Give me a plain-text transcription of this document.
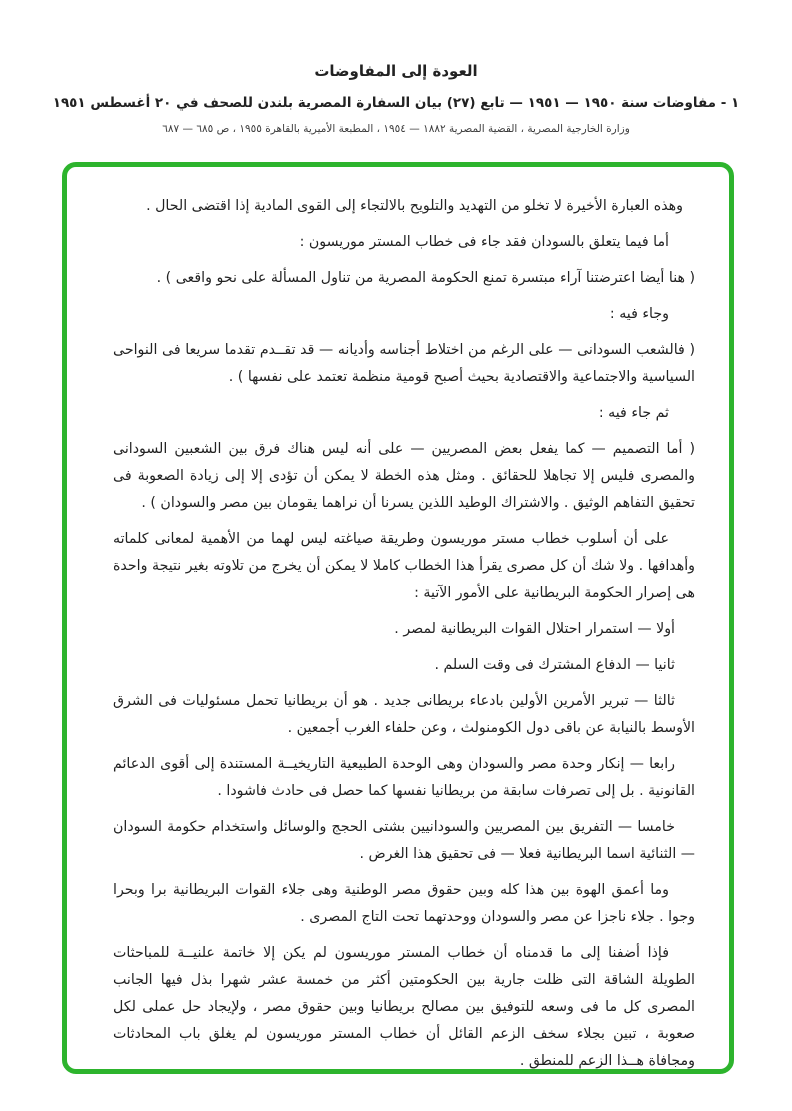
العودة إلى المفاوضات
١ - مفاوضات سنة ١٩٥٠ — ١٩٥١ — تابع (٢٧) بيان السفارة المصرية بلندن للصحف في ٢٠ أغسطس ١٩٥١
وزارة الخارجية المصرية ، القضية المصرية ١٨٨٢ — ١٩٥٤ ، المطبعة الأميرية بالقاهرة ١٩٥٥ ، ص ٦٨٥ — ٦٨٧

وهذه العبارة الأخيرة لا تخلو من التهديد والتلويح بالالتجاء إلى القوى المادية إذا اقتضى الحال .

أما فيما يتعلق بالسودان فقد جاء فى خطاب المستر موريسون :

( هنا أيضا اعترضتنا آراء مبتسرة تمنع الحكومة المصرية من تناول المسألة على نحو واقعى ) .

وجاء فيه :

( فالشعب السودانى — على الرغم من اختلاط أجناسه وأديانه — قد تقــدم تقدما سريعا فى النواحى السياسية والاجتماعية والاقتصادية بحيث أصبح قومية منظمة تعتمد على نفسها ) .

ثم جاء فيه :

( أما التصميم — كما يفعل بعض المصريين — على أنه ليس هناك فرق بين الشعبين السودانى والمصرى فليس إلا تجاهلا للحقائق . ومثل هذه الخطة لا يمكن أن تؤدى إلا إلى زيادة الصعوبة فى تحقيق التفاهم الوثيق . والاشتراك الوطيد اللذين يسرنا أن نراهما يقومان بين مصر والسودان ) .

على أن أسلوب خطاب مستر موريسون وطريقة صياغته ليس لهما من الأهمية لمعانى كلماته وأهدافها . ولا شك أن كل مصرى يقرأ هذا الخطاب كاملا لا يمكن أن يخرج من تلاوته بغير نتيجة واحدة هى إصرار الحكومة البريطانية على الأمور الآتية :

أولا — استمرار احتلال القوات البريطانية لمصر .

ثانيا — الدفاع المشترك فى وقت السلم .

ثالثا — تبرير الأمرين الأولين بادعاء بريطانى جديد . هو أن بريطانيا تحمل مسئوليات فى الشرق الأوسط بالنيابة عن باقى دول الكومنولث ، وعن حلفاء الغرب أجمعين .

رابعا — إنكار وحدة مصر والسودان وهى الوحدة الطبيعية التاريخيــة المستندة إلى أقوى الدعائم القانونية . بل إلى تصرفات سابقة من بريطانيا نفسها كما حصل فى حادث فاشودا .

خامسا — التفريق بين المصريين والسودانيين بشتى الحجج والوسائل واستخدام حكومة السودان — الثنائية اسما البريطانية فعلا — فى تحقيق هذا الغرض .

وما أعمق الهوة بين هذا كله وبين حقوق مصر الوطنية وهى جلاء القوات البريطانية برا وبحرا وجوا . جلاء ناجزا عن مصر والسودان ووحدتهما تحت التاج المصرى .

فإذا أضفنا إلى ما قدمناه أن خطاب المستر موريسون لم يكن إلا خاتمة علنيــة للمباحثات الطويلة الشاقة التى ظلت جارية بين الحكومتين أكثر من خمسة عشر شهرا بذل فيها الجانب المصرى كل ما فى وسعه للتوفيق بين مصالح بريطانيا وبين حقوق مصر ، ولإيجاد حل عملى لكل صعوبة ، تبين بجلاء سخف الزعم القائل أن خطاب المستر موريسون لم يغلق باب المحادثات ومجافاة هــذا الزعم للمنطق .
